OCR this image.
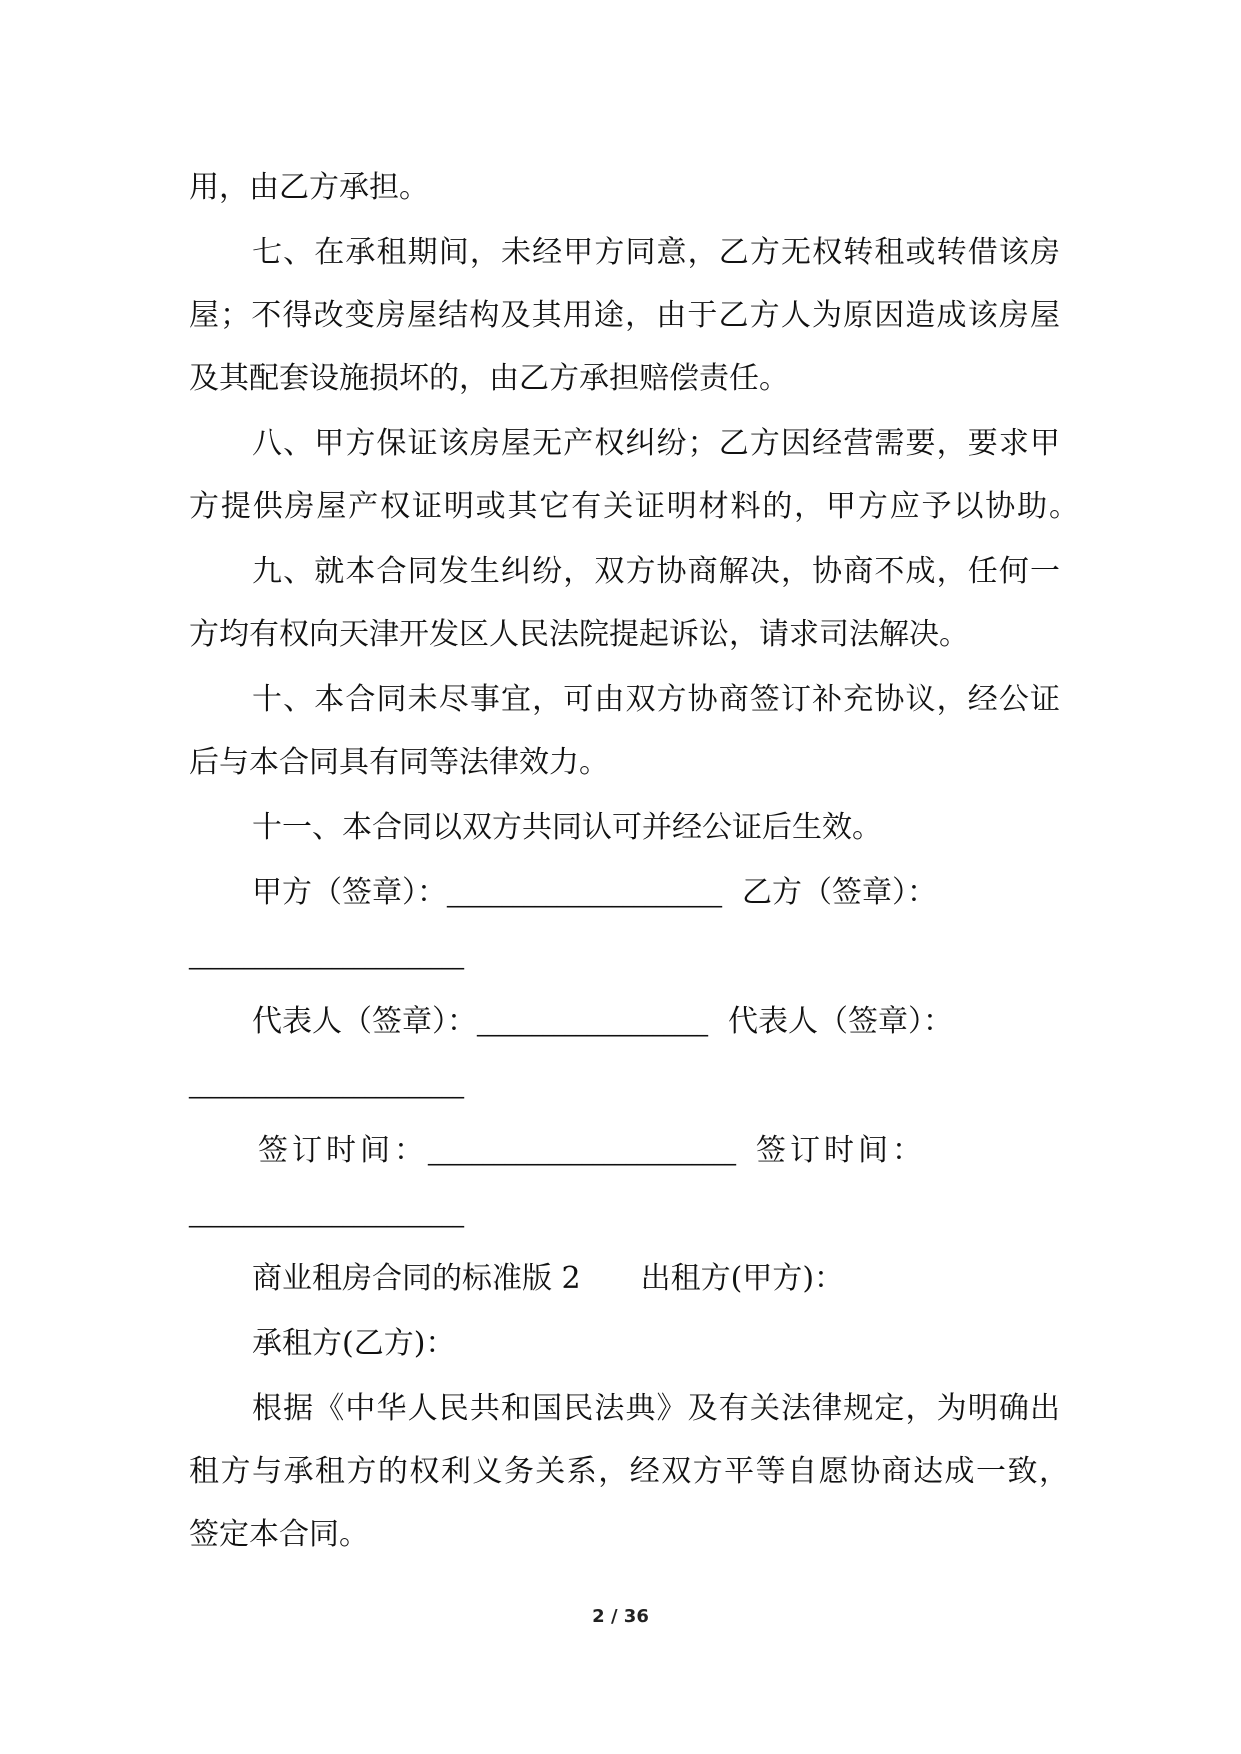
用，由乙方承担。
七、在承租期间，未经甲方同意，乙方无权转租或转借该房
屋；不得改变房屋结构及其用途，由于乙方人为原因造成该房屋
及其配套设施损坏的，由乙方承担赔偿责任。
八、甲方保证该房屋无产权纠纷；乙方因经营需要，要求甲
方提供房屋产权证明或其它有关证明材料的，甲方应予以协助。
九、就本合同发生纠纷，双方协商解决，协商不成，任何一
方均有权向天津开发区人民法院提起诉讼，请求司法解决。
十、本合同未尽事宜，可由双方协商签订补充协议，经公证
后与本合同具有同等法律效力。
十一、本合同以双方共同认可并经公证后生效。
甲方（签章）：_________________________ 乙方（签章）：
_________________________
代表人（签章）：_____________________ 代表人（签章）：
_________________________
签订时间：____________________________ 签订时间：
_________________________
商业租房合同的标准版 2 出租方(甲方)：
承租方(乙方)：
根据《中华人民共和国民法典》及有关法律规定，为明确出
租方与承租方的权利义务关系，经双方平等自愿协商达成一致，
签定本合同。
2 / 36
